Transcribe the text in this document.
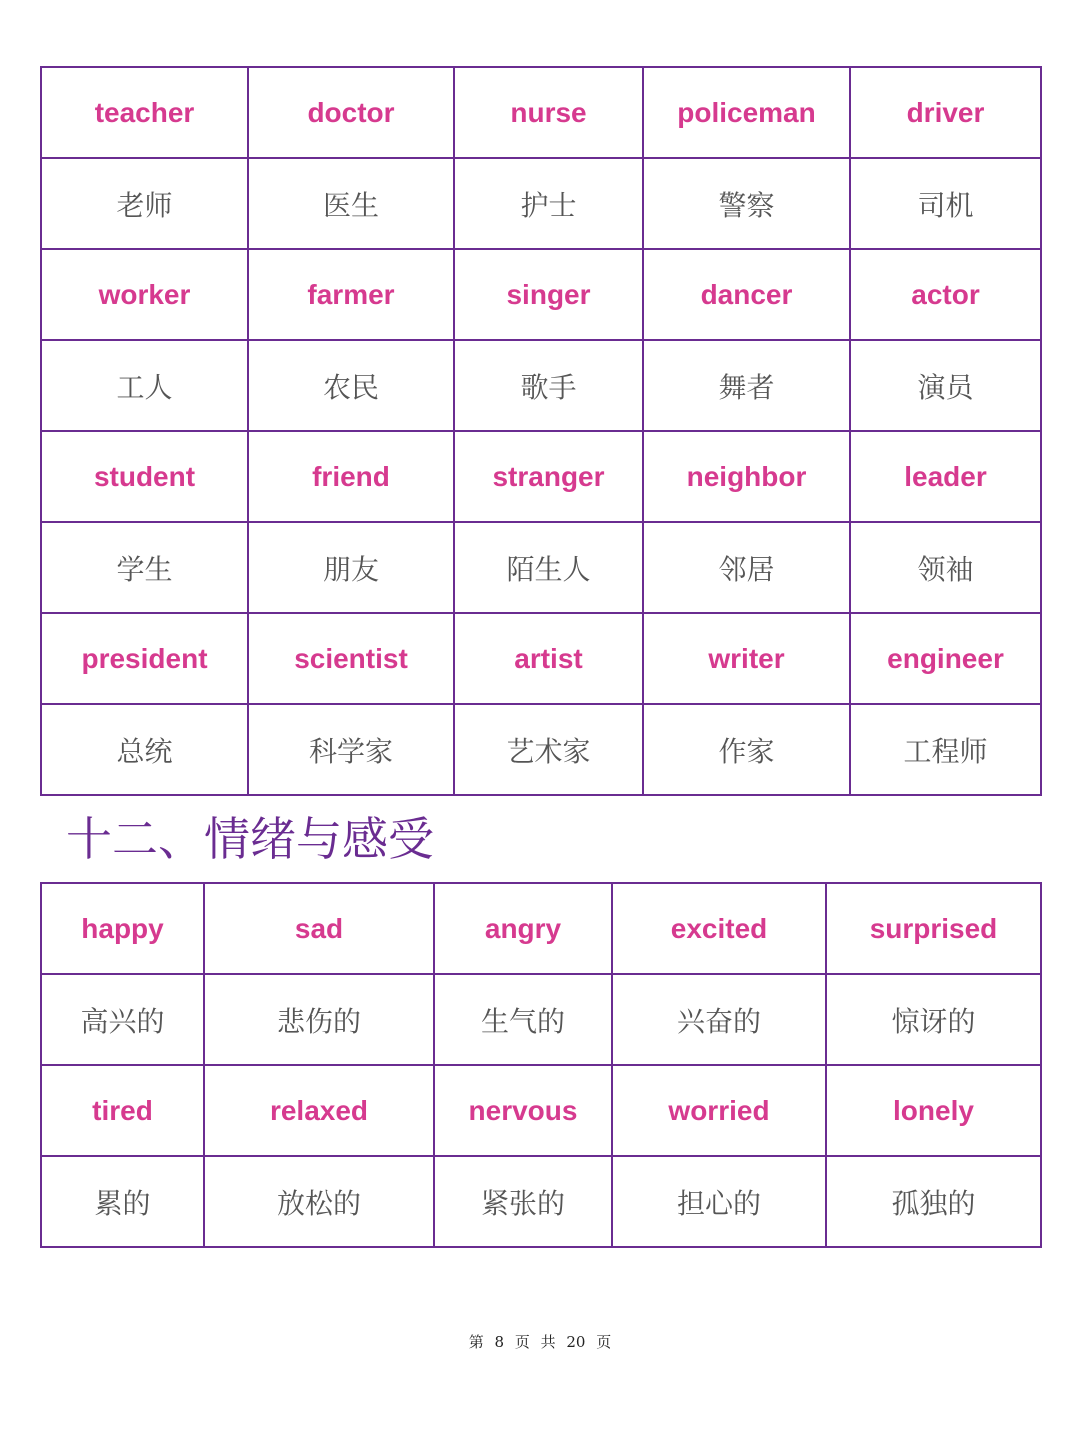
teacher	doctor	nurse	policeman	driver
老师	医生	护士	警察	司机
worker	farmer	singer	dancer	actor
工人	农民	歌手	舞者	演员
student	friend	stranger	neighbor	leader
学生	朋友	陌生人	邻居	领袖
president	scientist	artist	writer	engineer
总统	科学家	艺术家	作家	工程师
十二、情绪与感受
happy	sad	angry	excited	surprised
高兴的	悲伤的	生气的	兴奋的	惊讶的
tired	relaxed	nervous	worried	lonely
累的	放松的	紧张的	担心的	孤独的
第 8 页 共 20 页
